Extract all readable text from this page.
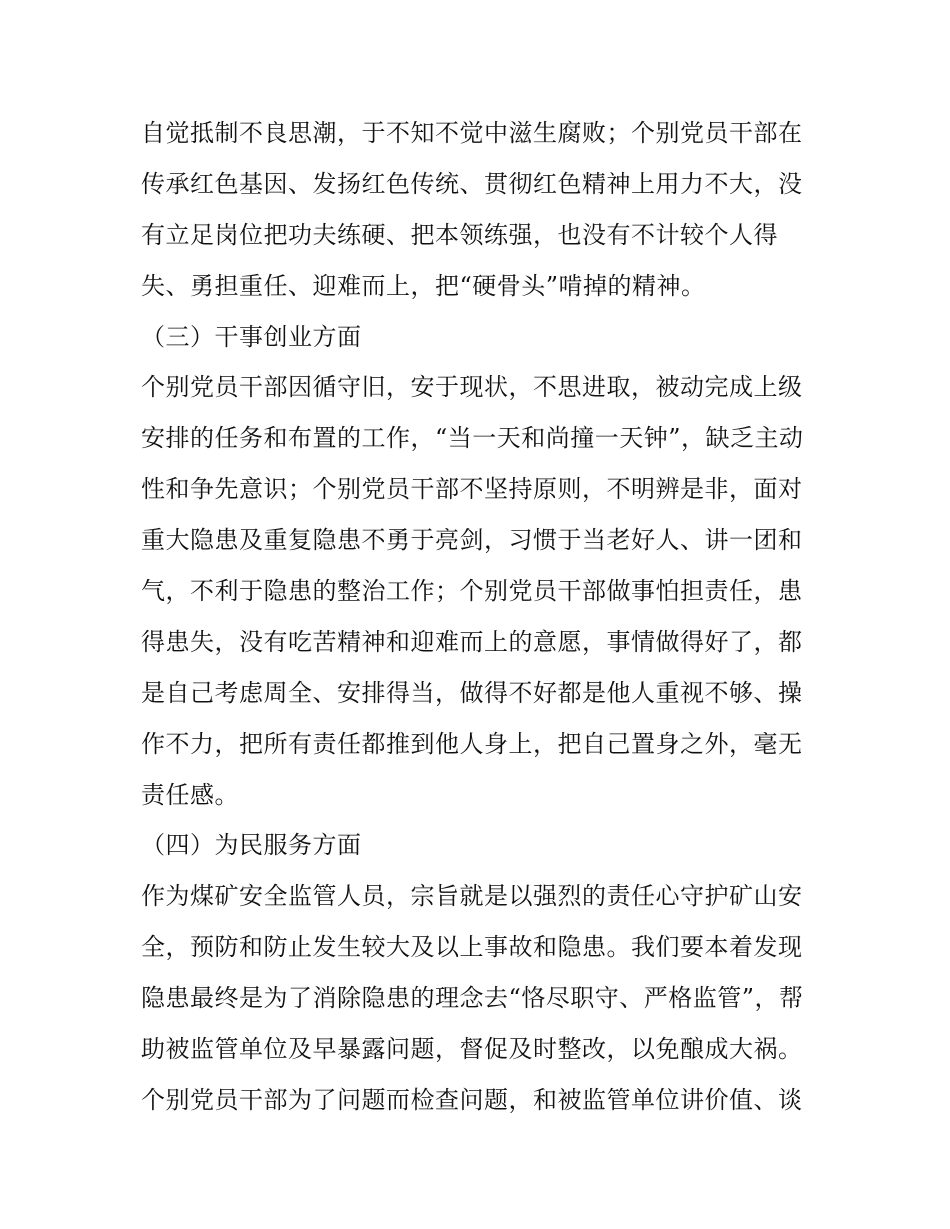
自觉抵制不良思潮，于不知不觉中滋生腐败；个别党员干部在
传承红色基因、发扬红色传统、贯彻红色精神上用力不大，没
有立足岗位把功夫练硬、把本领练强，也没有不计较个人得
失、勇担重任、迎难而上，把“硬骨头”啃掉的精神。
（三）干事创业方面
个别党员干部因循守旧，安于现状，不思进取，被动完成上级
安排的任务和布置的工作，“当一天和尚撞一天钟”，缺乏主动
性和争先意识；个别党员干部不坚持原则，不明辨是非，面对
重大隐患及重复隐患不勇于亮剑，习惯于当老好人、讲一团和
气，不利于隐患的整治工作；个别党员干部做事怕担责任，患
得患失，没有吃苦精神和迎难而上的意愿，事情做得好了，都
是自己考虑周全、安排得当，做得不好都是他人重视不够、操
作不力，把所有责任都推到他人身上，把自己置身之外，毫无
责任感。
（四）为民服务方面
作为煤矿安全监管人员，宗旨就是以强烈的责任心守护矿山安
全，预防和防止发生较大及以上事故和隐患。我们要本着发现
隐患最终是为了消除隐患的理念去“恪尽职守、严格监管”，帮
助被监管单位及早暴露问题，督促及时整改，以免酿成大祸。
个别党员干部为了问题而检查问题，和被监管单位讲价值、谈
